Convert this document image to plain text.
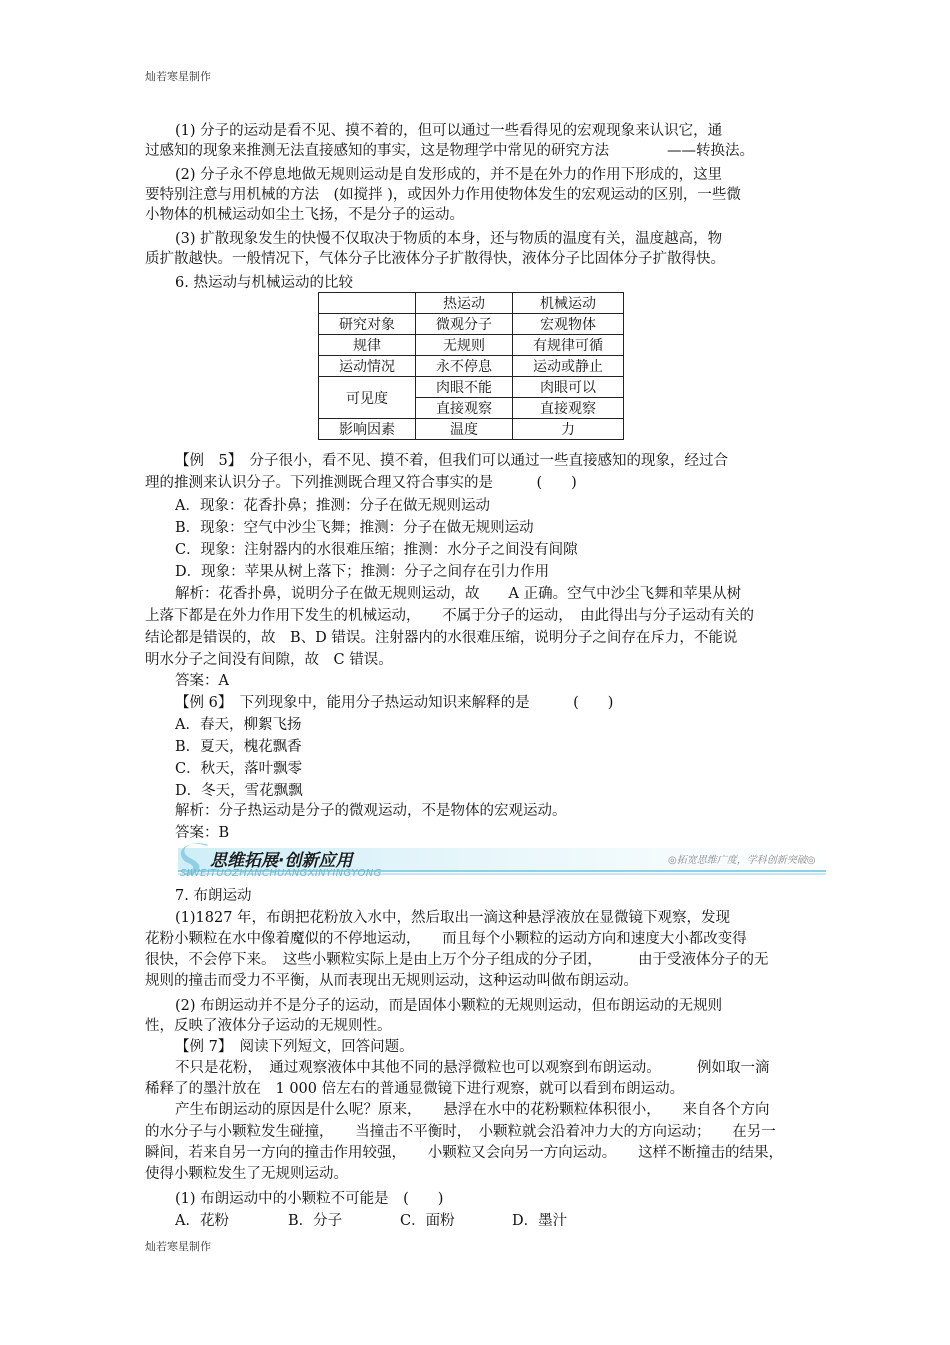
灿若寒星制作
(1) 分子的运动是看不见、摸不着的，但可以通过一些看得见的宏观现象来认识它，通
过感知的现象来推测无法直接感知的事实，这是物理学中常见的研究方法　　　　——转换法。
(2) 分子永不停息地做无规则运动是自发形成的，并不是在外力的作用下形成的，这里
要特别注意与用机械的方法　(如搅拌 )，或因外力作用使物体发生的宏观运动的区别，一些微
小物体的机械运动如尘土飞扬，不是分子的运动。
(3) 扩散现象发生的快慢不仅取决于物质的本身，还与物质的温度有关，温度越高，物
质扩散越快。一般情况下，气体分子比液体分子扩散得快，液体分子比固体分子扩散得快。
6. 热运动与机械运动的比较
	热运动	机械运动
研究对象	微观分子	宏观物体
规律	无规则	有规律可循
运动情况	永不停息	运动或静止
可见度	肉眼不能	肉眼可以
	直接观察	直接观察
影响因素	温度	力
【例　5】　分子很小，看不见、摸不着，但我们可以通过一些直接感知的现象，经过合
理的推测来认识分子。下列推测既合理又符合事实的是　　　(　　)
A．现象：花香扑鼻；推测：分子在做无规则运动
B．现象：空气中沙尘飞舞；推测：分子在做无规则运动
C．现象：注射器内的水很难压缩；推测：水分子之间没有间隙
D．现象：苹果从树上落下；推测：分子之间存在引力作用
解析：花香扑鼻，说明分子在做无规则运动，故　　A 正确。空气中沙尘飞舞和苹果从树
上落下都是在外力作用下发生的机械运动，　　不属于分子的运动，　由此得出与分子运动有关的
结论都是错误的，故　B、D 错误。注射器内的水很难压缩，说明分子之间存在斥力，不能说
明水分子之间没有间隙，故　C 错误。
答案：A
【例 6】　下列现象中，能用分子热运动知识来解释的是　　　(　　)
A．春天，柳絮飞扬
B．夏天，槐花飘香
C．秋天，落叶飘零
D．冬天，雪花飘飘
解析：分子热运动是分子的微观运动，不是物体的宏观运动。
答案：B
思维拓展·创新应用
SIWEITUOZHANCHUANGXINYINGYONG
◎拓宽思维广度，学科创新突破◎
7. 布朗运动
(1)1827 年，布朗把花粉放入水中，然后取出一滴这种悬浮液放在显微镜下观察，发现
花粉小颗粒在水中像着魔似的不停地运动，　　而且每个小颗粒的运动方向和速度大小都改变得
很快，不会停下来。　这些小颗粒实际上是由上万个分子组成的分子团，　　　由于受液体分子的无
规则的撞击而受力不平衡，从而表现出无规则运动，这种运动叫做布朗运动。
(2) 布朗运动并不是分子的运动，而是固体小颗粒的无规则运动，但布朗运动的无规则
性，反映了液体分子运动的无规则性。
【例 7】　阅读下列短文，回答问题。
不只是花粉，　通过观察液体中其他不同的悬浮微粒也可以观察到布朗运动。　　　例如取一滴
稀释了的墨汁放在　1 000 倍左右的普通显微镜下进行观察，就可以看到布朗运动。
产生布朗运动的原因是什么呢？原来，　　悬浮在水中的花粉颗粒体积很小，　　来自各个方向
的水分子与小颗粒发生碰撞，　　当撞击不平衡时，　小颗粒就会沿着冲力大的方向运动；　　在另一
瞬间，若来自另一方向的撞击作用较强，　　小颗粒又会向另一方向运动。　　这样不断撞击的结果，
使得小颗粒发生了无规则运动。
(1) 布朗运动中的小颗粒不可能是　(　　)
A．花粉	B．分子	C．面粉	D．墨汁
灿若寒星制作
